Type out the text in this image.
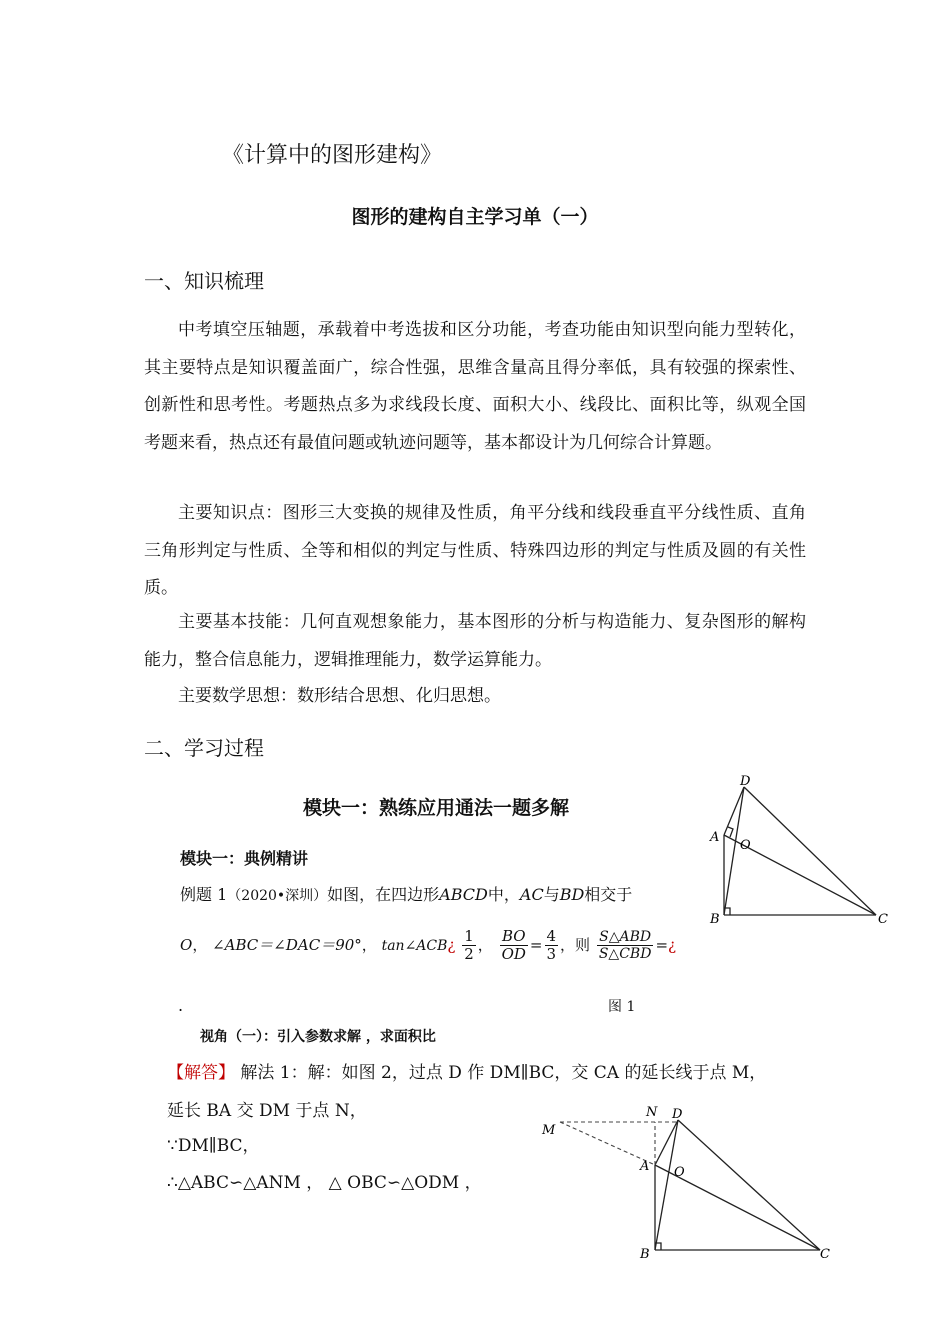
《计算中的图形建构》
图形的建构自主学习单（一）
一、知识梳理

中考填空压轴题，承载着中考选拔和区分功能，考查功能由知识型向能力型转化，其主要特点是知识覆盖面广，综合性强，思维含量高且得分率低，具有较强的探索性、创新性和思考性。考题热点多为求线段长度、面积大小、线段比、面积比等，纵观全国考题来看，热点还有最值问题或轨迹问题等，基本都设计为几何综合计算题。

主要知识点：图形三大变换的规律及性质，角平分线和线段垂直平分线性质、直角三角形判定与性质、全等和相似的判定与性质、特殊四边形的判定与性质及圆的有关性质。

主要基本技能：几何直观想象能力，基本图形的分析与构造能力、复杂图形的解构能力，整合信息能力，逻辑推理能力，数学运算能力。

主要数学思想：数形结合思想、化归思想。

二、学习过程
模块一：熟练应用通法一题多解
模块一：典例精讲
例题 1（2020•深圳）如图，在四边形ABCD中，AC与BD相交于
O， ∠ABC＝∠DAC＝90°， tan∠ACB¿ $\frac{1}{2}$ ， $\frac{BO}{OD} = \frac{4}{3}$ ，则 $\frac{\text{S△ABD}}{\text{S△CBD}}$ =¿
.	图 1
视角（一）：引入参数求解 ，求面积比
【解答】 解法 1：解：如图 2，过点 D 作 DM∥BC，交 CA 的延长线于点 M，
延长 BA 交 DM 于点 N，
∵DM∥BC，
∴△ABC∽△ANM ， △ OBC∽△ODM ，
D
A
O
B	C
M
N D
A O
B	C
